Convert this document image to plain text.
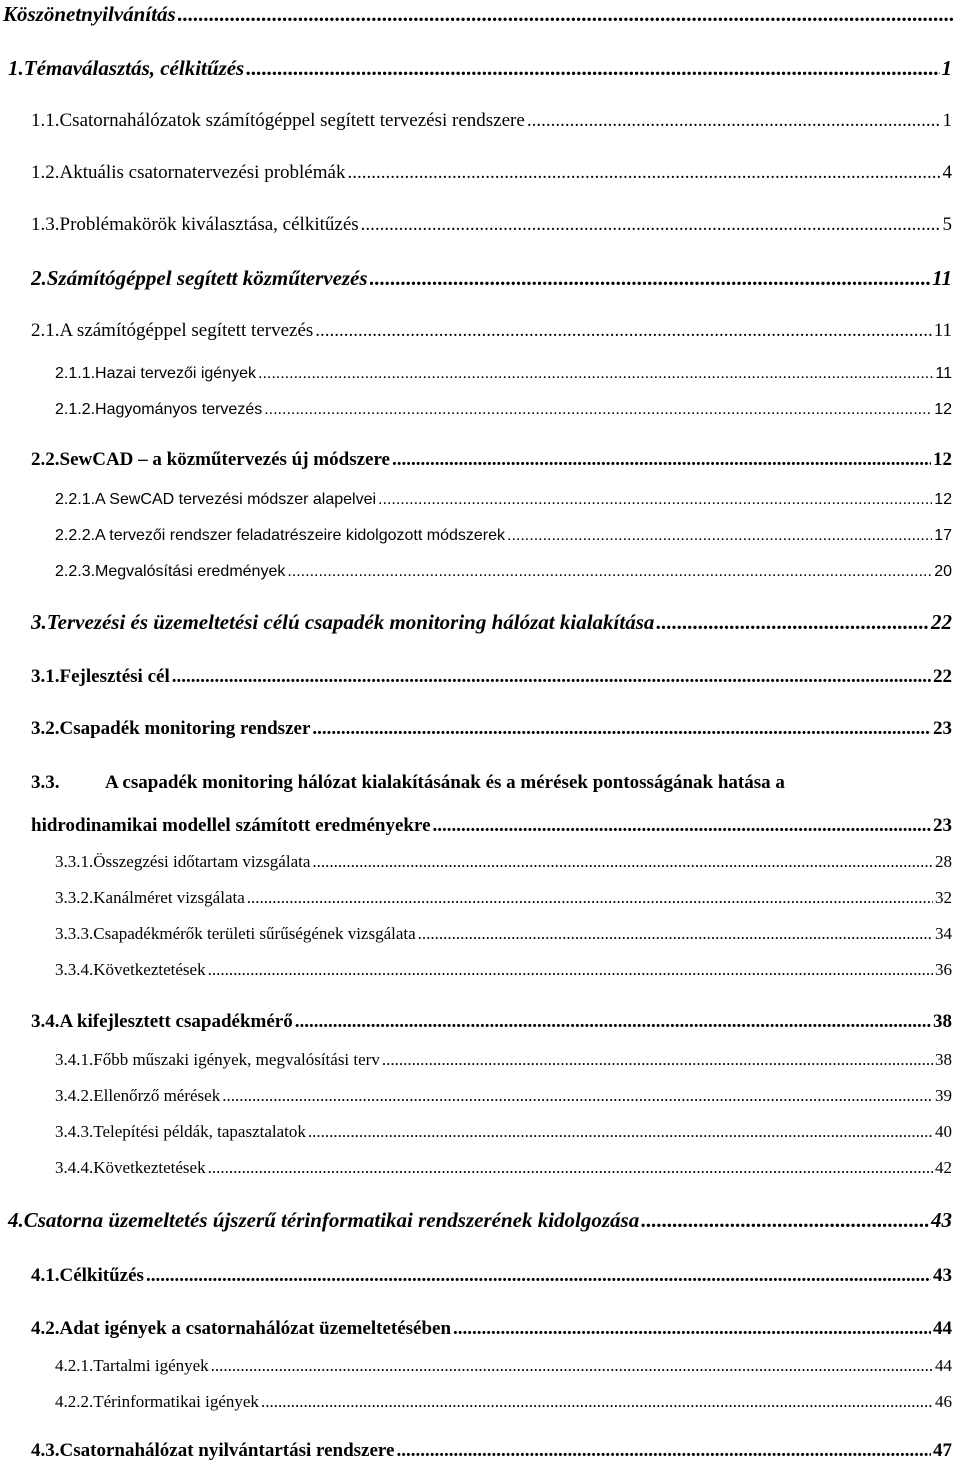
Köszönetnyilvánítás
.....
1. Témaválasztás, célkitűzés .....	1
1.1. Csatornahálózatok számítógéppel segített tervezési rendszere .....	1
1.2. Aktuális csatornatervezési problémák .....	4
1.3. Problémakörök kiválasztása, célkitűzés .....	5
2. Számítógéppel segített közműtervezés .....	11
2.1. A számítógéppel segített tervezés .....	11
2.1.1. Hazai tervezői igények .....	11
2.1.2. Hagyományos tervezés .....	12
2.2. SewCAD – a közműtervezés új módszere .....	12
2.2.1. A SewCAD tervezési módszer alapelvei .....	12
2.2.2. A tervezői rendszer feladatrészeire kidolgozott módszerek .....	17
2.2.3. Megvalósítási eredmények .....	20
3. Tervezési és üzemeltetési célú csapadék monitoring hálózat kialakítása .....	22
3.1. Fejlesztési cél .....	22
3.2. Csapadék monitoring rendszer .....	23
3.3. A csapadék monitoring hálózat kialakításának és a mérések pontosságának hatása a
hidrodinamikai modellel számított eredményekre .....	23
3.3.1. Összegzési időtartam vizsgálata .....	28
3.3.2. Kanálméret vizsgálata .....	32
3.3.3. Csapadékmérők területi sűrűségének vizsgálata .....	34
3.3.4. Következtetések .....	36
3.4. A kifejlesztett csapadékmérő .....	38
3.4.1. Főbb műszaki igények, megvalósítási terv .....	38
3.4.2. Ellenőrző mérések .....	39
3.4.3. Telepítési példák, tapasztalatok .....	40
3.4.4. Következtetések .....	42
4. Csatorna üzemeltetés újszerű térinformatikai rendszerének kidolgozása .....	43
4.1. Célkitűzés .....	43
4.2. Adat igények a csatornahálózat üzemeltetésében .....	44
4.2.1. Tartalmi igények .....	44
4.2.2. Térinformatikai igények .....	46
4.3. Csatornahálózat nyilvántartási rendszere .....	47
